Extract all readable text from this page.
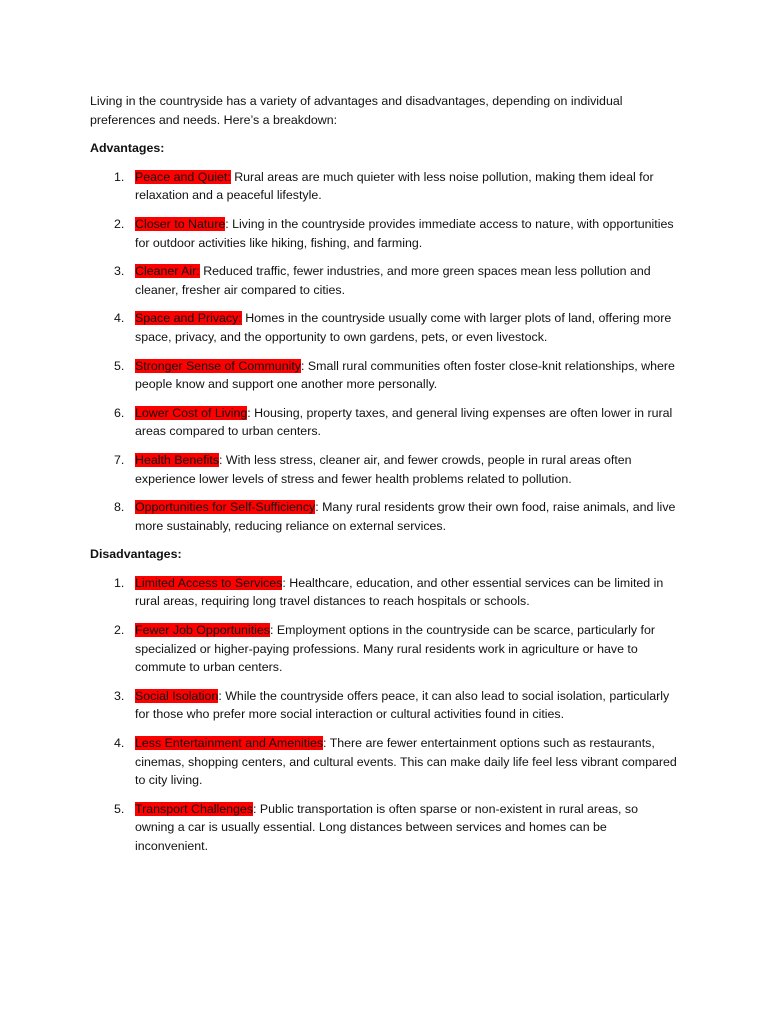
Living in the countryside has a variety of advantages and disadvantages, depending on individual preferences and needs. Here’s a breakdown:

Advantages:
1. Peace and Quiet: Rural areas are much quieter with less noise pollution, making them ideal for relaxation and a peaceful lifestyle.
2. Closer to Nature: Living in the countryside provides immediate access to nature, with opportunities for outdoor activities like hiking, fishing, and farming.
3. Cleaner Air: Reduced traffic, fewer industries, and more green spaces mean less pollution and cleaner, fresher air compared to cities.
4. Space and Privacy: Homes in the countryside usually come with larger plots of land, offering more space, privacy, and the opportunity to own gardens, pets, or even livestock.
5. Stronger Sense of Community: Small rural communities often foster close-knit relationships, where people know and support one another more personally.
6. Lower Cost of Living: Housing, property taxes, and general living expenses are often lower in rural areas compared to urban centers.
7. Health Benefits: With less stress, cleaner air, and fewer crowds, people in rural areas often experience lower levels of stress and fewer health problems related to pollution.
8. Opportunities for Self-Sufficiency: Many rural residents grow their own food, raise animals, and live more sustainably, reducing reliance on external services.
Disadvantages:
1. Limited Access to Services: Healthcare, education, and other essential services can be limited in rural areas, requiring long travel distances to reach hospitals or schools.
2. Fewer Job Opportunities: Employment options in the countryside can be scarce, particularly for specialized or higher-paying professions. Many rural residents work in agriculture or have to commute to urban centers.
3. Social Isolation: While the countryside offers peace, it can also lead to social isolation, particularly for those who prefer more social interaction or cultural activities found in cities.
4. Less Entertainment and Amenities: There are fewer entertainment options such as restaurants, cinemas, shopping centers, and cultural events. This can make daily life feel less vibrant compared to city living.
5. Transport Challenges: Public transportation is often sparse or non-existent in rural areas, so owning a car is usually essential. Long distances between services and homes can be inconvenient.
